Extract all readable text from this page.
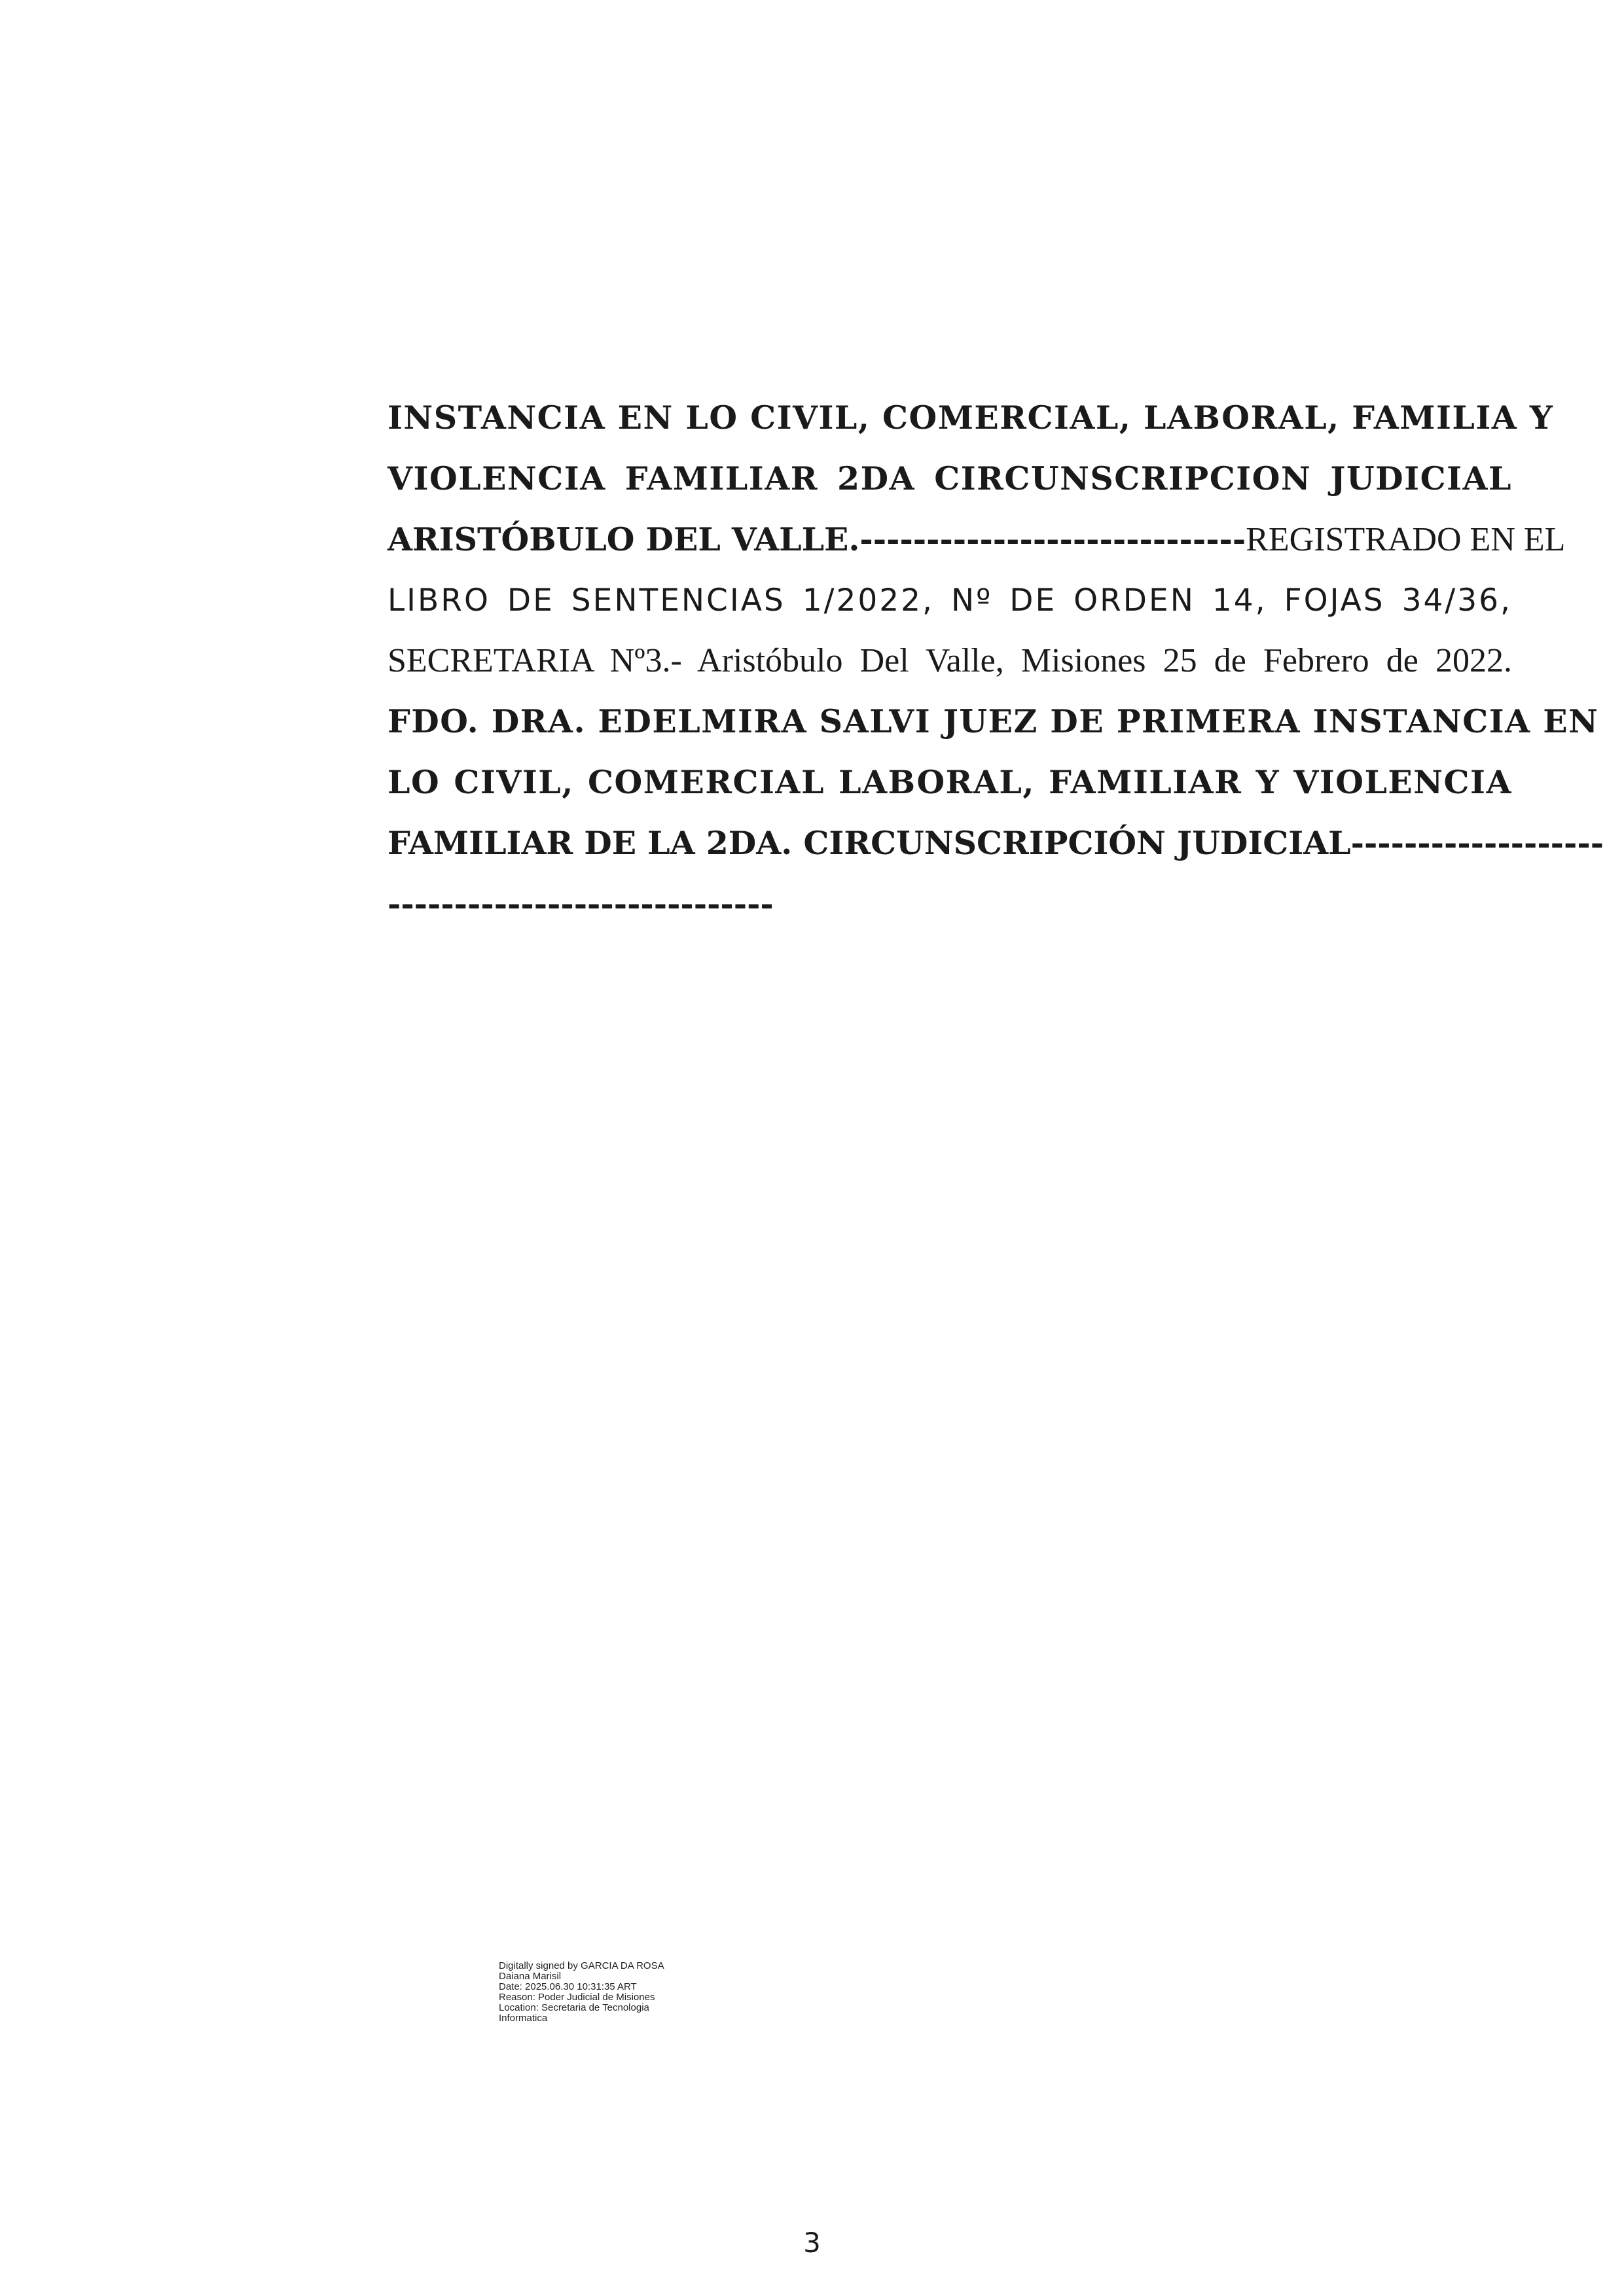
INSTANCIA EN LO CIVIL, COMERCIAL, LABORAL, FAMILIA Y
VIOLENCIA FAMILIAR 2DA CIRCUNSCRIPCION JUDICIAL
ARISTÓBULO DEL VALLE.-----------------------------REGISTRADO EN EL
LIBRO DE SENTENCIAS 1/2022, Nº DE ORDEN 14, FOJAS 34/36,
SECRETARIA Nº3.- Aristóbulo Del Valle, Misiones 25 de Febrero de 2022.
FDO. DRA. EDELMIRA SALVI JUEZ DE PRIMERA INSTANCIA EN
LO CIVIL, COMERCIAL LABORAL, FAMILIAR Y VIOLENCIA
FAMILIAR DE LA 2DA. CIRCUNSCRIPCIÓN JUDICIAL-------------------
-----------------------------
Digitally signed by GARCIA DA ROSA
Daiana Marisil
Date: 2025.06.30 10:31:35 ART
Reason: Poder Judicial de Misiones
Location: Secretaria de Tecnologia
Informatica
3
